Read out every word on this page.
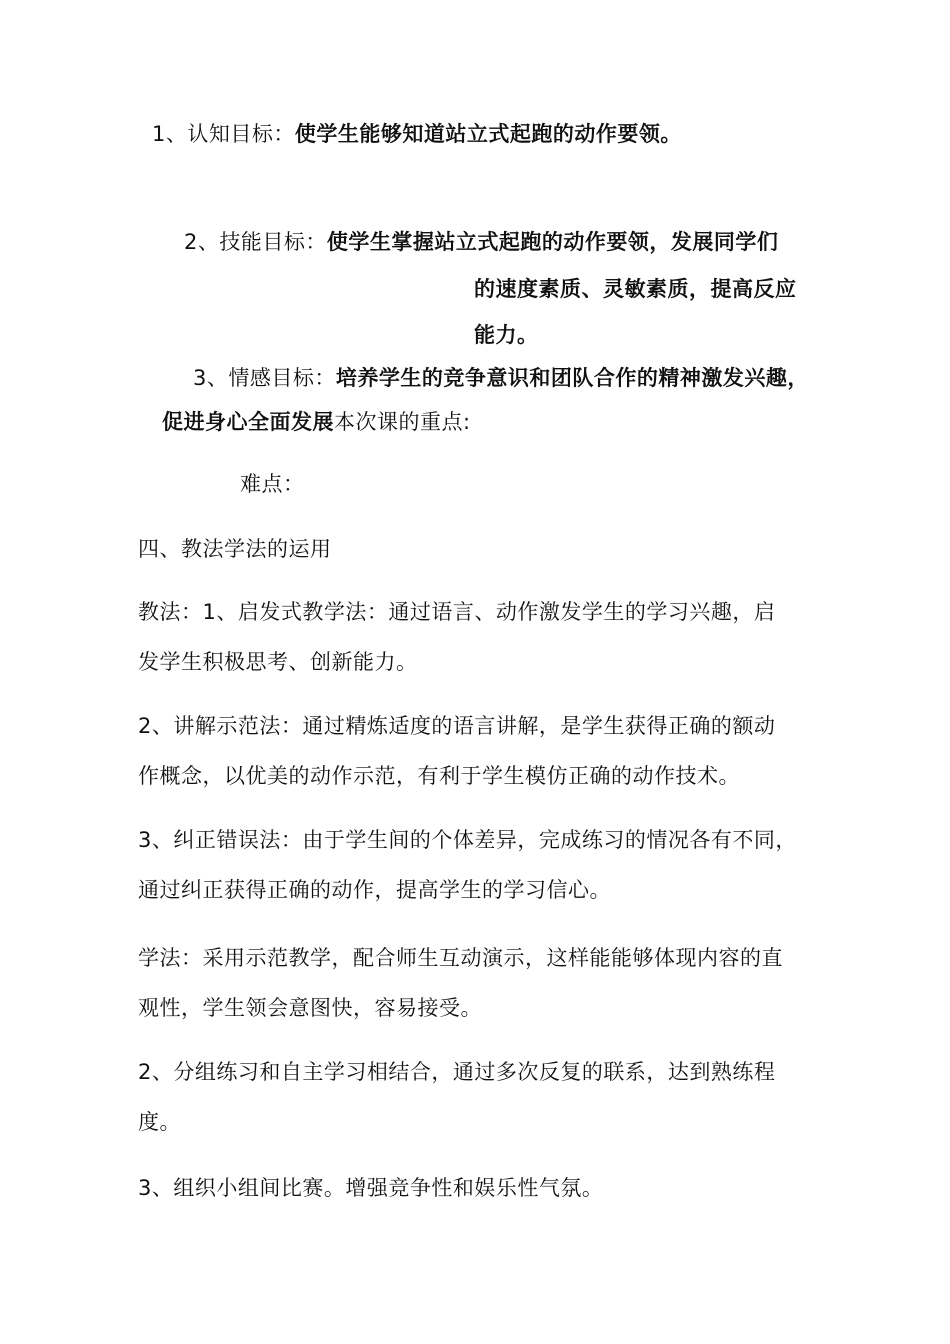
1、认知目标：使学生能够知道站立式起跑的动作要领。
2、技能目标：使学生掌握站立式起跑的动作要领，发展同学们
的速度素质、灵敏素质，提高反应
能力。
3、情感目标：培养学生的竞争意识和团队合作的精神激发兴趣，
促进身心全面发展本次课的重点:
难点：
四、教法学法的运用
教法：1、启发式教学法：通过语言、动作激发学生的学习兴趣，启
发学生积极思考、创新能力。
2、讲解示范法：通过精炼适度的语言讲解，是学生获得正确的额动
作概念，以优美的动作示范，有利于学生模仿正确的动作技术。
3、纠正错误法：由于学生间的个体差异，完成练习的情况各有不同，
通过纠正获得正确的动作，提高学生的学习信心。
学法：采用示范教学，配合师生互动演示，这样能能够体现内容的直
观性，学生领会意图快，容易接受。
2、分组练习和自主学习相结合，通过多次反复的联系，达到熟练程
度。
3、组织小组间比赛。增强竞争性和娱乐性气氛。
